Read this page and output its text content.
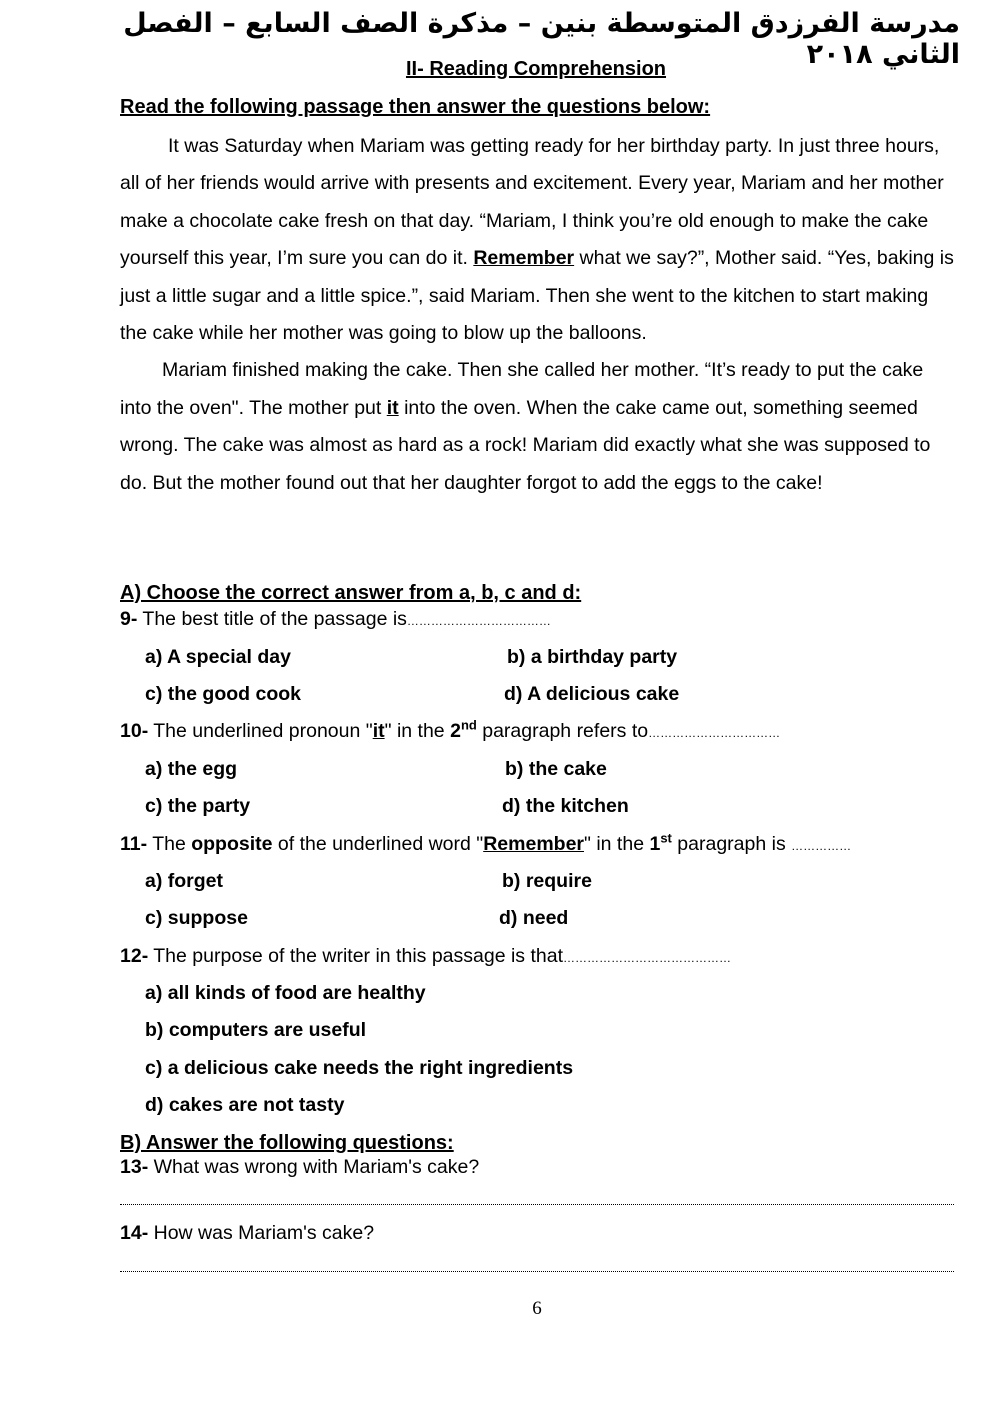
مدرسة الفرزدق المتوسطة بنين – مذكرة الصف السابع – الفصل الثاني ٢٠١٨
II- Reading Comprehension
Read the following passage then answer the questions below:

It was Saturday when Mariam was getting ready for her birthday party. In just three hours, all of her friends would arrive with presents and excitement. Every year, Mariam and her mother make a chocolate cake fresh on that day. “Mariam, I think you’re old enough to make the cake yourself this year, I’m sure you can do it. Remember what we say?”, Mother said. “Yes, baking is just a little sugar and a little spice.”, said Mariam. Then she went to the kitchen to start making the cake while her mother was going to blow up the balloons.

Mariam finished making the cake. Then she called her mother. “It’s ready to put the cake into the oven". The mother put it into the oven. When the cake came out, something seemed wrong. The cake was almost as hard as a rock! Mariam did exactly what she was supposed to do. But the mother found out that her daughter forgot to add the eggs to the cake!

A) Choose the correct answer from a, b, c and d:
9- The best title of the passage is………………………………
a) A special day	b) a birthday party
c) the good cook	d) A delicious cake
10- The underlined pronoun "it" in the 2nd paragraph refers to……………………………
a) the egg	b) the cake
c) the party	d) the kitchen
11- The opposite of the underlined word "Remember" in the 1st paragraph is ……………
a) forget	b) require
c) suppose	d) need
12- The purpose of the writer in this passage is that……………………………………
a) all kinds of food are healthy
b) computers are useful
c) a delicious cake needs the right ingredients
d) cakes are not tasty
B) Answer the following questions:
13- What was wrong with Mariam's cake?
14- How was Mariam's cake?
6
